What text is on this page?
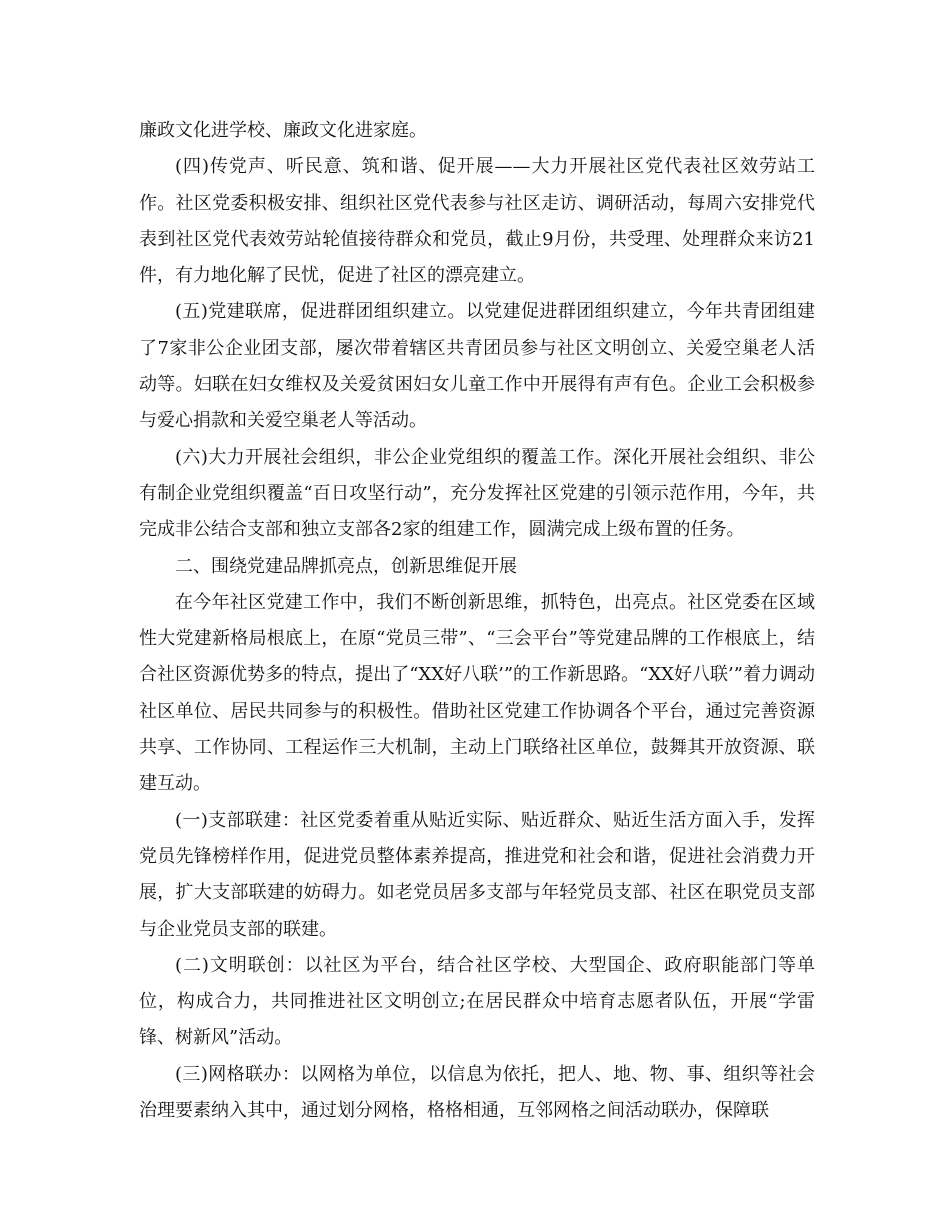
廉政文化进学校、廉政文化进家庭。

(四)传党声、听民意、筑和谐、促开展——大力开展社区党代表社区效劳站工作。社区党委积极安排、组织社区党代表参与社区走访、调研活动，每周六安排党代表到社区党代表效劳站轮值接待群众和党员，截止9月份，共受理、处理群众来访21件，有力地化解了民忧，促进了社区的漂亮建立。

(五)党建联席，促进群团组织建立。以党建促进群团组织建立，今年共青团组建了7家非公企业团支部，屡次带着辖区共青团员参与社区文明创立、关爱空巢老人活动等。妇联在妇女维权及关爱贫困妇女儿童工作中开展得有声有色。企业工会积极参与爱心捐款和关爱空巢老人等活动。

(六)大力开展社会组织，非公企业党组织的覆盖工作。深化开展社会组织、非公有制企业党组织覆盖“百日攻坚行动”，充分发挥社区党建的引领示范作用，今年，共完成非公结合支部和独立支部各2家的组建工作，圆满完成上级布置的任务。

二、围绕党建品牌抓亮点，创新思维促开展

在今年社区党建工作中，我们不断创新思维，抓特色，出亮点。社区党委在区域性大党建新格局根底上，在原“党员三带”、“三会平台”等党建品牌的工作根底上，结合社区资源优势多的特点，提出了“XX好八联’”的工作新思路。“XX好八联’”着力调动社区单位、居民共同参与的积极性。借助社区党建工作协调各个平台，通过完善资源共享、工作协同、工程运作三大机制，主动上门联络社区单位，鼓舞其开放资源、联建互动。

(一)支部联建：社区党委着重从贴近实际、贴近群众、贴近生活方面入手，发挥党员先锋榜样作用，促进党员整体素养提高，推进党和社会和谐，促进社会消费力开展，扩大支部联建的妨碍力。如老党员居多支部与年轻党员支部、社区在职党员支部与企业党员支部的联建。

(二)文明联创：以社区为平台，结合社区学校、大型国企、政府职能部门等单位，构成合力，共同推进社区文明创立;在居民群众中培育志愿者队伍，开展“学雷锋、树新风”活动。

(三)网格联办：以网格为单位，以信息为依托，把人、地、物、事、组织等社会治理要素纳入其中，通过划分网格，格格相通，互邻网格之间活动联办，保障联
